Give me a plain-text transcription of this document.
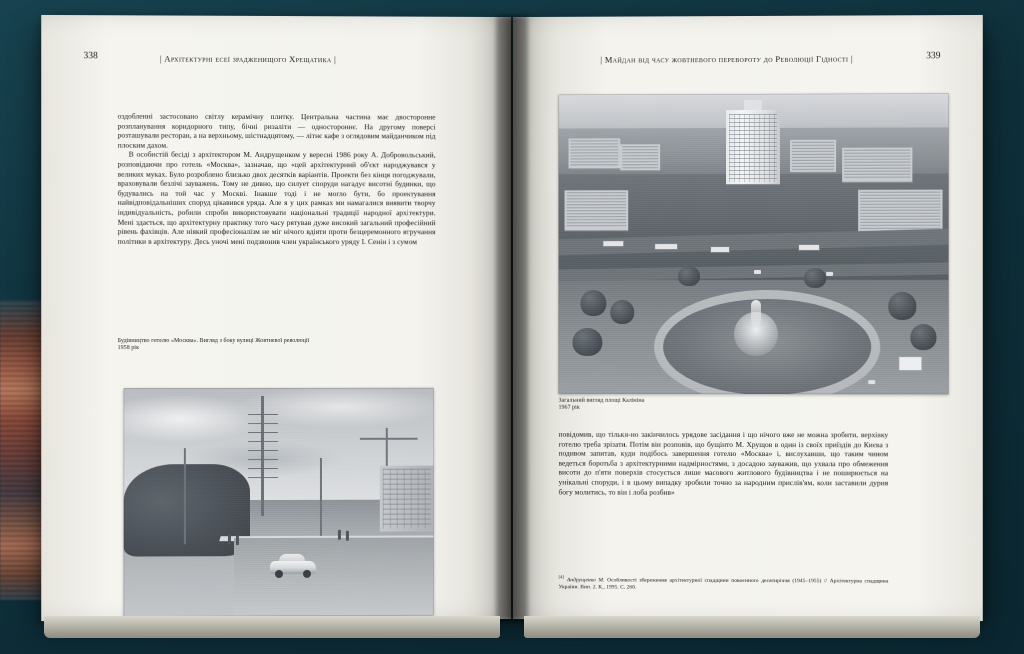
338	| Архітектурні есеї зрадженищого Хрещатика |

оздобленні застосовано світлу керамічну плитку. Центральна частина має двосторонне розпланування коридорного типу, бічні ризаліти — одностороннє. На другому поверсі розташували ресторан, а на верхньому, шістнадцятому, — літнє кафе з оглядовим майданчиком під плоским дахом.

В особистій бесіді з архітектором М. Андрущенком у вересні 1986 року А. Добровольський, розповідаючи про готель «Москва», зазначав, що «цей архітектурний об'єкт народжувався у великих муках. Було розроблено близько двох десятків варіантів. Проекти без кінця погоджували, враховували безлічі зауважень. Тому не дивно, що силует споруди нагадує висотні будинки, що будувались на той час у Москві. Інакше тоді і не могло бути, бо проектування найвідповідальніших споруд цікавився урядa. Але я у цих рамках ми намагалися виявити творчу індивідуальність, робили спроби використовувати національні традиції народної архітектури. Мені здається, що архітектурну практику того часу рятував дуже високий загальний професійний рівень фахівців. Але ніякий професіоналізм не міг нічого вдіяти проти безцеремонного втручання політики в архітектуру. Десь уночі мені подзвонив член українського уряду І. Сенін і з сумом

Будівництво готелю «Москва». Вигляд з боку вулиці Жовтневої революції
1958 рік
339
| Майдан від часу жовтневого перевороту до Революції Гідності |
Загальний вигляд площі Калініна
1967 рік

повідомив, що тільки-но закінчилось урядове засідання і що нічого вже не можна зробити, верхівку готелю треба зрізати. Потім він розповів, що бущінто М. Хрущов в один із своїх приїздів до Києва з подивом запитав, куди подібось завершення готелю «Москва» і, вислухавши, що таким чином ведеться боротьба з архітектурними надмірностями, з досадою зауважив, що ухвала про обмеження висоти до п'яти поверхів стосується лише масового житлового будівництва і не поширюється на унікальні споруди, і в цьому випадку зробили точно за народним прислів'ям, коли заставили дурня богу молитись, то він і лоба розбив»

[4]Андрущенко М. Особливості збереження архітектурної спадщини повоєнного десятиріччя (1945–1955) // Архітектурна спадщина України. Вип. 2. К., 1995. С. 260.
